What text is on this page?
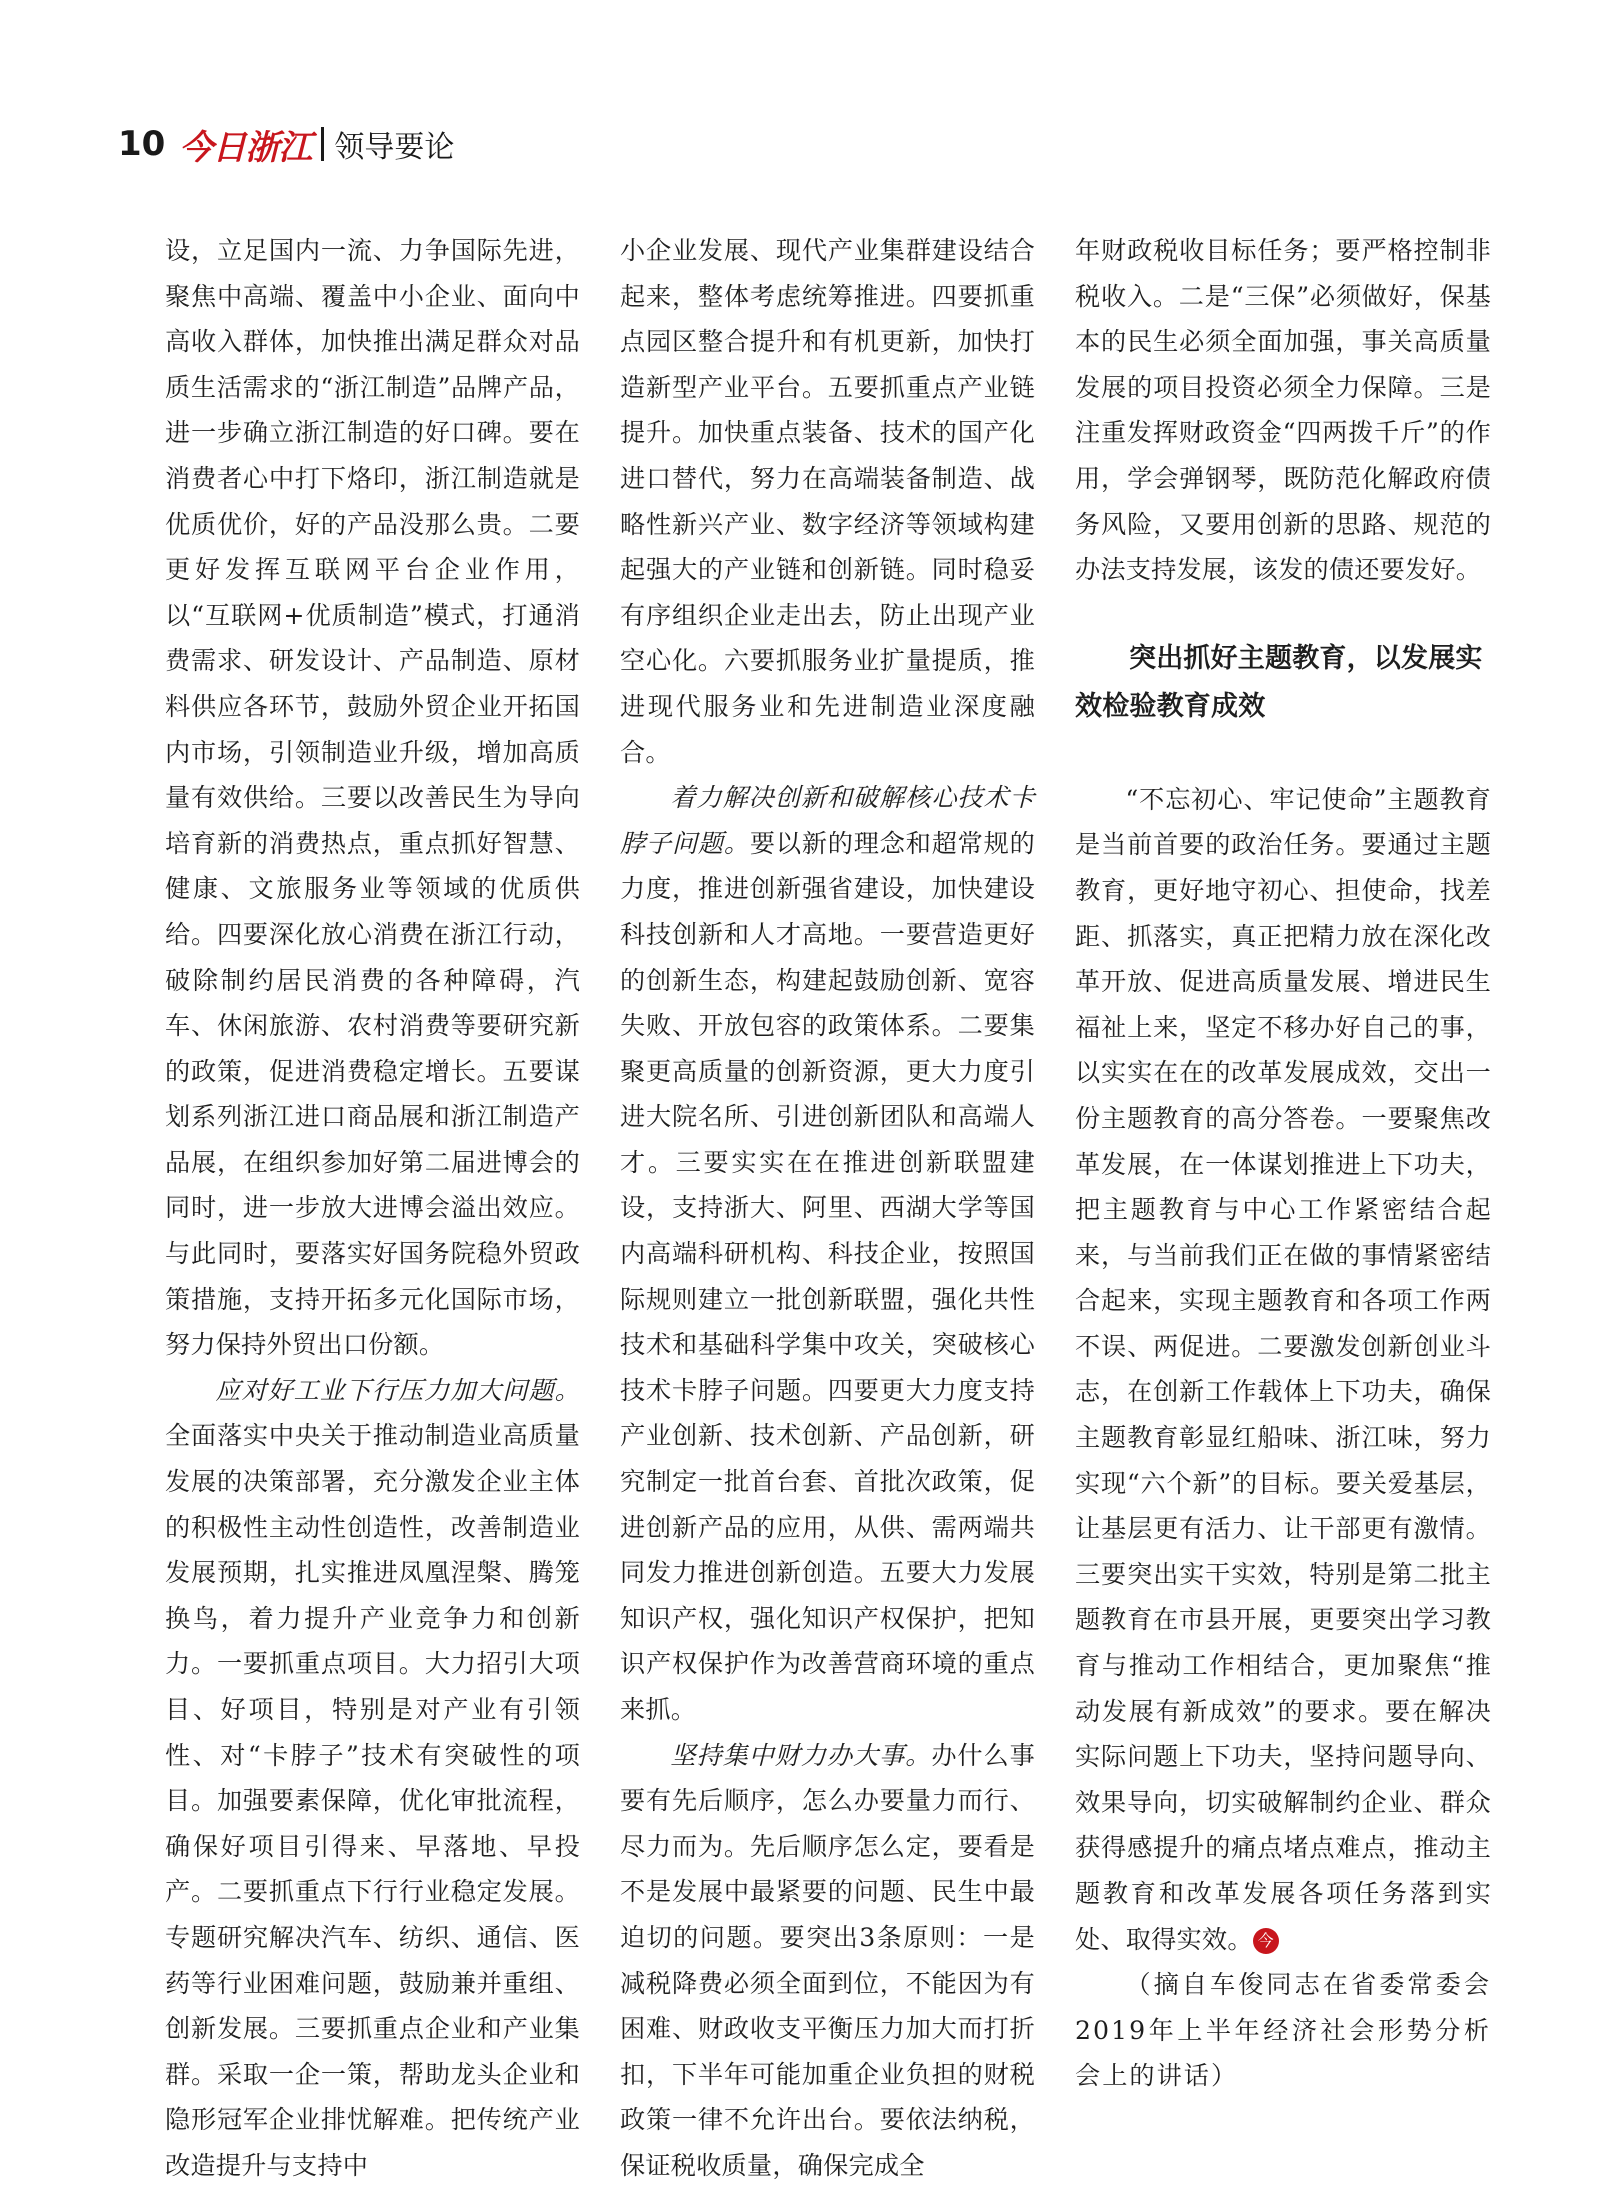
10 今日浙江 领导要论

设，立足国内一流、力争国际先进，聚焦中高端、覆盖中小企业、面向中高收入群体，加快推出满足群众对品质生活需求的“浙江制造”品牌产品，进一步确立浙江制造的好口碑。要在消费者心中打下烙印，浙江制造就是优质优价，好的产品没那么贵。二要更好发挥互联网平台企业作用，以“互联网+优质制造”模式，打通消费需求、研发设计、产品制造、原材料供应各环节，鼓励外贸企业开拓国内市场，引领制造业升级，增加高质量有效供给。三要以改善民生为导向培育新的消费热点，重点抓好智慧、健康、文旅服务业等领域的优质供给。四要深化放心消费在浙江行动，破除制约居民消费的各种障碍，汽车、休闲旅游、农村消费等要研究新的政策，促进消费稳定增长。五要谋划系列浙江进口商品展和浙江制造产品展，在组织参加好第二届进博会的同时，进一步放大进博会溢出效应。与此同时，要落实好国务院稳外贸政策措施，支持开拓多元化国际市场，努力保持外贸出口份额。

应对好工业下行压力加大问题。全面落实中央关于推动制造业高质量发展的决策部署，充分激发企业主体的积极性主动性创造性，改善制造业发展预期，扎实推进凤凰涅槃、腾笼换鸟，着力提升产业竞争力和创新力。一要抓重点项目。大力招引大项目、好项目，特别是对产业有引领性、对“卡脖子”技术有突破性的项目。加强要素保障，优化审批流程，确保好项目引得来、早落地、早投产。二要抓重点下行行业稳定发展。专题研究解决汽车、纺织、通信、医药等行业困难问题，鼓励兼并重组、创新发展。三要抓重点企业和产业集群。采取一企一策，帮助龙头企业和隐形冠军企业排忧解难。把传统产业改造提升与支持中

小企业发展、现代产业集群建设结合起来，整体考虑统筹推进。四要抓重点园区整合提升和有机更新，加快打造新型产业平台。五要抓重点产业链提升。加快重点装备、技术的国产化进口替代，努力在高端装备制造、战略性新兴产业、数字经济等领域构建起强大的产业链和创新链。同时稳妥有序组织企业走出去，防止出现产业空心化。六要抓服务业扩量提质，推进现代服务业和先进制造业深度融合。

着力解决创新和破解核心技术卡脖子问题。要以新的理念和超常规的力度，推进创新强省建设，加快建设科技创新和人才高地。一要营造更好的创新生态，构建起鼓励创新、宽容失败、开放包容的政策体系。二要集聚更高质量的创新资源，更大力度引进大院名所、引进创新团队和高端人才。三要实实在在推进创新联盟建设，支持浙大、阿里、西湖大学等国内高端科研机构、科技企业，按照国际规则建立一批创新联盟，强化共性技术和基础科学集中攻关，突破核心技术卡脖子问题。四要更大力度支持产业创新、技术创新、产品创新，研究制定一批首台套、首批次政策，促进创新产品的应用，从供、需两端共同发力推进创新创造。五要大力发展知识产权，强化知识产权保护，把知识产权保护作为改善营商环境的重点来抓。

坚持集中财力办大事。办什么事要有先后顺序，怎么办要量力而行、尽力而为。先后顺序怎么定，要看是不是发展中最紧要的问题、民生中最迫切的问题。要突出3条原则：一是减税降费必须全面到位，不能因为有困难、财政收支平衡压力加大而打折扣，下半年可能加重企业负担的财税政策一律不允许出台。要依法纳税，保证税收质量，确保完成全

年财政税收目标任务；要严格控制非税收入。二是“三保”必须做好，保基本的民生必须全面加强，事关高质量发展的项目投资必须全力保障。三是注重发挥财政资金“四两拨千斤”的作用，学会弹钢琴，既防范化解政府债务风险，又要用创新的思路、规范的办法支持发展，该发的债还要发好。

突出抓好主题教育，以发展实效检验教育成效

“不忘初心、牢记使命”主题教育是当前首要的政治任务。要通过主题教育，更好地守初心、担使命，找差距、抓落实，真正把精力放在深化改革开放、促进高质量发展、增进民生福祉上来，坚定不移办好自己的事，以实实在在的改革发展成效，交出一份主题教育的高分答卷。一要聚焦改革发展，在一体谋划推进上下功夫，把主题教育与中心工作紧密结合起来，与当前我们正在做的事情紧密结合起来，实现主题教育和各项工作两不误、两促进。二要激发创新创业斗志，在创新工作载体上下功夫，确保主题教育彰显红船味、浙江味，努力实现“六个新”的目标。要关爱基层，让基层更有活力、让干部更有激情。三要突出实干实效，特别是第二批主题教育在市县开展，更要突出学习教育与推动工作相结合，更加聚焦“推动发展有新成效”的要求。要在解决实际问题上下功夫，坚持问题导向、效果导向，切实破解制约企业、群众获得感提升的痛点堵点难点，推动主题教育和改革发展各项任务落到实处、取得实效。 今

（摘自车俊同志在省委常委会2019年上半年经济社会形势分析会上的讲话）
